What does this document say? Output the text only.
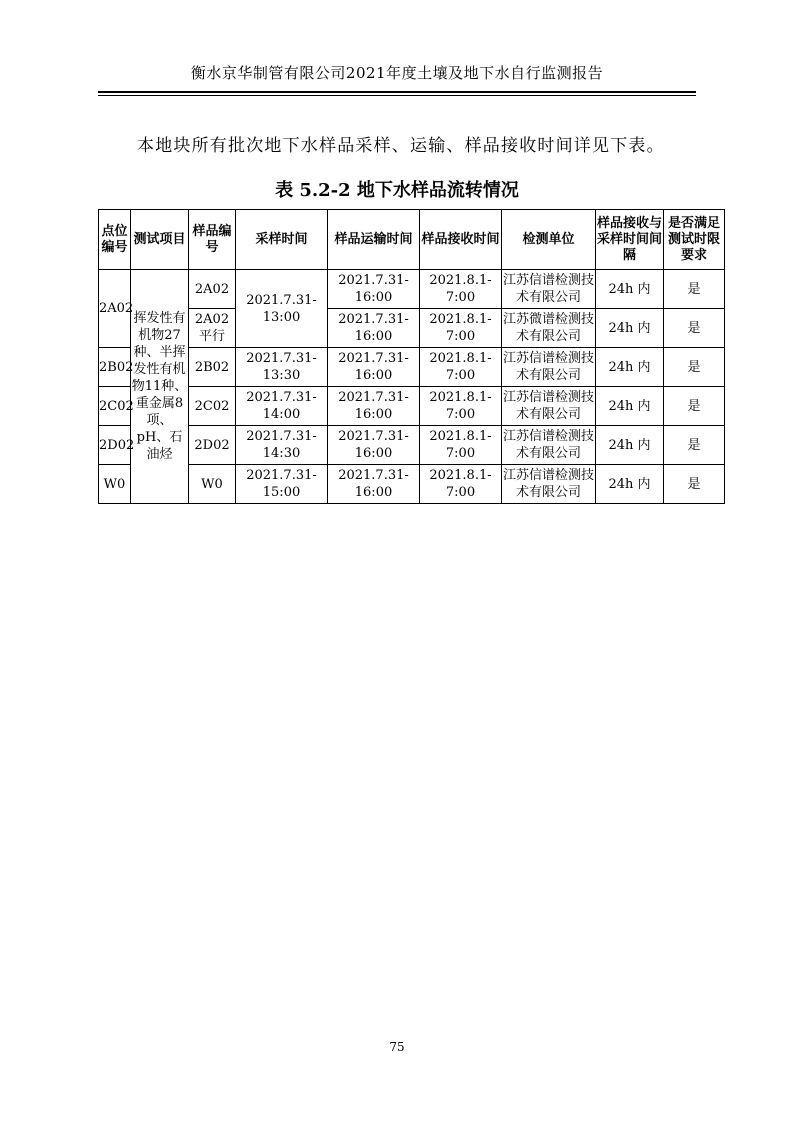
衡水京华制管有限公司2021年度土壤及地下水自行监测报告
本地块所有批次地下水样品采样、运输、样品接收时间详见下表。
表 5.2-2 地下水样品流转情况
点位编号	测试项目	样品编号	采样时间	样品运输时间	样品接收时间	检测单位	样品接收与采样时间间隔	是否满足测试时限要求
2A02	挥发性有机物27种、半挥发性有机物11种、重金属8项、pH、石油烃	2A02	2021.7.31-13:00	2021.7.31-16:00	2021.8.1-7:00	江苏信谱检测技术有限公司	24h 内	是
		2A02平行		2021.7.31-16:00	2021.8.1-7:00	江苏微谱检测技术有限公司	24h 内	是
2B02		2B02	2021.7.31-13:30	2021.7.31-16:00	2021.8.1-7:00	江苏信谱检测技术有限公司	24h 内	是
2C02		2C02	2021.7.31-14:00	2021.7.31-16:00	2021.8.1-7:00	江苏信谱检测技术有限公司	24h 内	是
2D02		2D02	2021.7.31-14:30	2021.7.31-16:00	2021.8.1-7:00	江苏信谱检测技术有限公司	24h 内	是
W0		W0	2021.7.31-15:00	2021.7.31-16:00	2021.8.1-7:00	江苏信谱检测技术有限公司	24h 内	是
75
